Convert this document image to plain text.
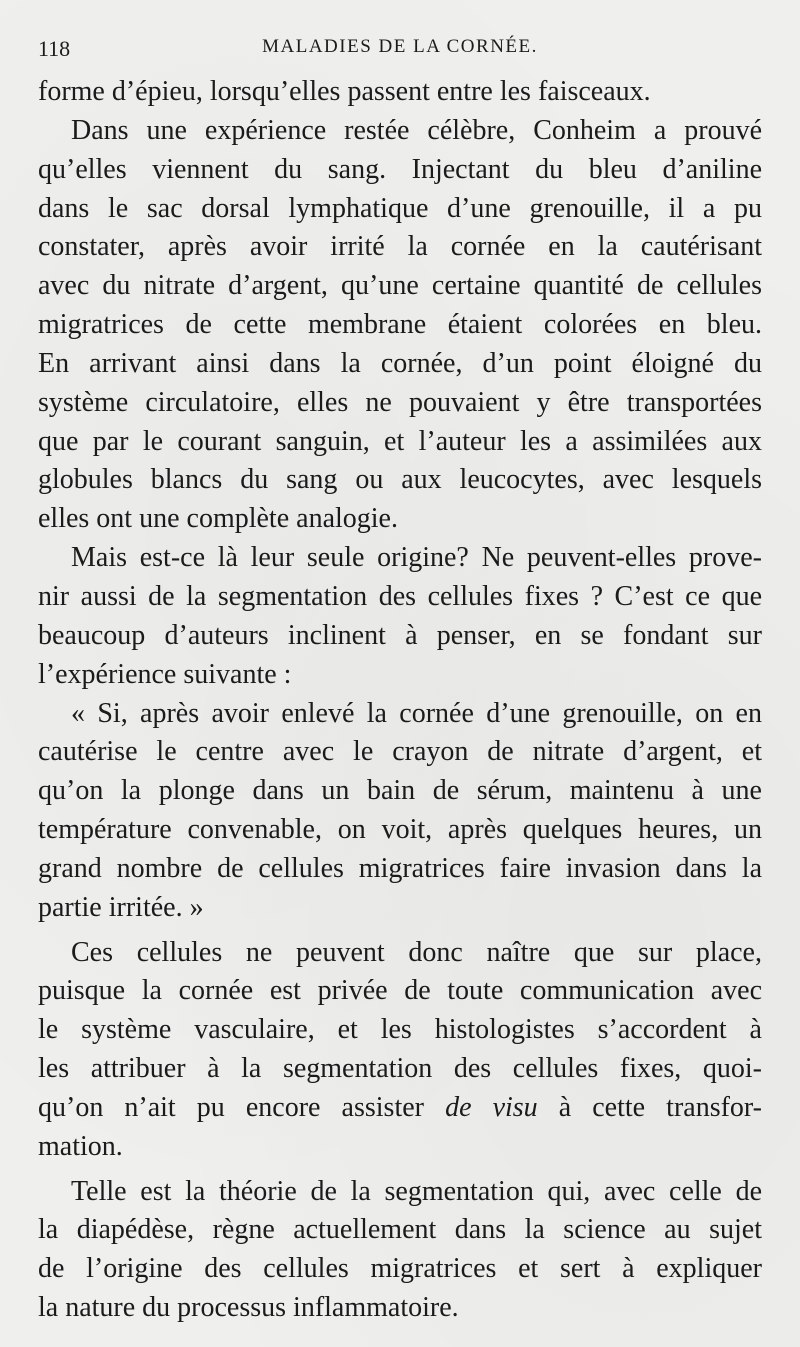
118	MALADIES DE LA CORNÉE.
forme d’épieu, lorsqu’elles passent entre les faisceaux.
Dans une expérience restée célèbre, Conheim a prouvé
qu’elles viennent du sang. Injectant du bleu d’aniline
dans le sac dorsal lymphatique d’une grenouille, il a pu
constater, après avoir irrité la cornée en la cautérisant
avec du nitrate d’argent, qu’une certaine quantité de cellules
migratrices de cette membrane étaient colorées en bleu.
En arrivant ainsi dans la cornée, d’un point éloigné du
système circulatoire, elles ne pouvaient y être transportées
que par le courant sanguin, et l’auteur les a assimilées aux
globules blancs du sang ou aux leucocytes, avec lesquels
elles ont une complète analogie.
Mais est-ce là leur seule origine? Ne peuvent-elles prove-
nir aussi de la segmentation des cellules fixes ? C’est ce que
beaucoup d’auteurs inclinent à penser, en se fondant sur
l’expérience suivante :
« Si, après avoir enlevé la cornée d’une grenouille, on en
cautérise le centre avec le crayon de nitrate d’argent, et
qu’on la plonge dans un bain de sérum, maintenu à une
température convenable, on voit, après quelques heures, un
grand nombre de cellules migratrices faire invasion dans la
partie irritée. »
Ces cellules ne peuvent donc naître que sur place,
puisque la cornée est privée de toute communication avec
le système vasculaire, et les histologistes s’accordent à
les attribuer à la segmentation des cellules fixes, quoi-
qu’on n’ait pu encore assister de visu à cette transfor-
mation.
Telle est la théorie de la segmentation qui, avec celle de
la diapédèse, règne actuellement dans la science au sujet
de l’origine des cellules migratrices et sert à expliquer
la nature du processus inflammatoire.
